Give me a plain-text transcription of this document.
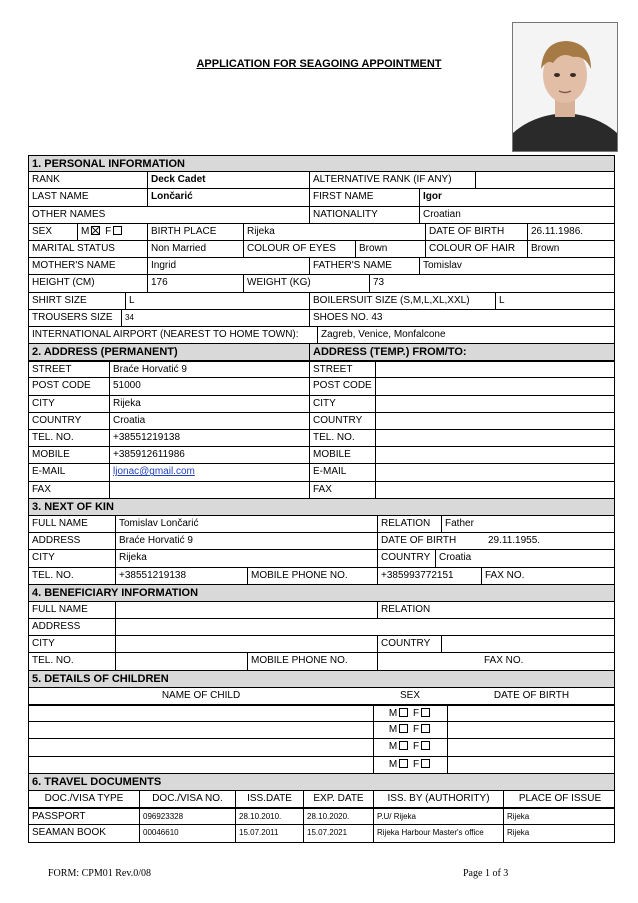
APPLICATION FOR SEAGOING APPOINTMENT
1. PERSONAL INFORMATION
RANK	Deck Cadet	ALTERNATIVE RANK (IF ANY)
LAST NAME	Lončarić	FIRST NAME	Igor
OTHER NAMES	NATIONALITY	Croatian
SEX	M F	BIRTH PLACE	Rijeka	DATE OF BIRTH	26.11.1986.
MARITAL STATUS	Non Married	COLOUR OF EYES	Brown	COLOUR OF HAIR	Brown
MOTHER'S NAME	Ingrid	FATHER'S NAME	Tomislav
HEIGHT (CM)	176	WEIGHT (KG)	73
SHIRT SIZE	L	BOILERSUIT SIZE (S,M,L,XL,XXL)	L
TROUSERS SIZE	34	SHOES NO. 43
INTERNATIONAL AIRPORT (NEAREST TO HOME TOWN):	Zagreb, Venice, Monfalcone
2. ADDRESS (PERMANENT)	ADDRESS (TEMP.) FROM/TO:
STREET	Braće Horvatić 9	STREET
POST CODE	51000	POST CODE
CITY	Rijeka	CITY
COUNTRY	Croatia	COUNTRY
TEL. NO.	+38551219138	TEL. NO.
MOBILE	+385912611986	MOBILE
E-MAIL	ljonac@gmail.com	E-MAIL
FAX	FAX
3. NEXT OF KIN
FULL NAME	Tomislav Lončarić	RELATION	Father
ADDRESS	Braće Horvatić 9	DATE OF BIRTH	29.11.1955.
CITY	Rijeka	COUNTRY Croatia
TEL. NO.	+38551219138	MOBILE PHONE NO.	+385993772151	FAX NO.
4. BENEFICIARY INFORMATION
FULL NAME	RELATION
ADDRESS
CITY	COUNTRY
TEL. NO.	MOBILE PHONE NO.	FAX NO.
5. DETAILS OF CHILDREN
NAME OF CHILD	SEX	DATE OF BIRTH
M F
M F
M F
M F
6. TRAVEL DOCUMENTS
DOC./VISA TYPE	DOC./VISA NO.	ISS.DATE	EXP. DATE	ISS. BY (AUTHORITY)	PLACE OF ISSUE
PASSPORT	096923328	28.10.2010.	28.10.2020.	P.U/ Rijeka	Rijeka
SEAMAN BOOK	00046610	15.07.2011	15.07.2021	Rijeka Harbour Master's office	Rijeka
FORM: CPM01 Rev.0/08	Page 1 of 3
